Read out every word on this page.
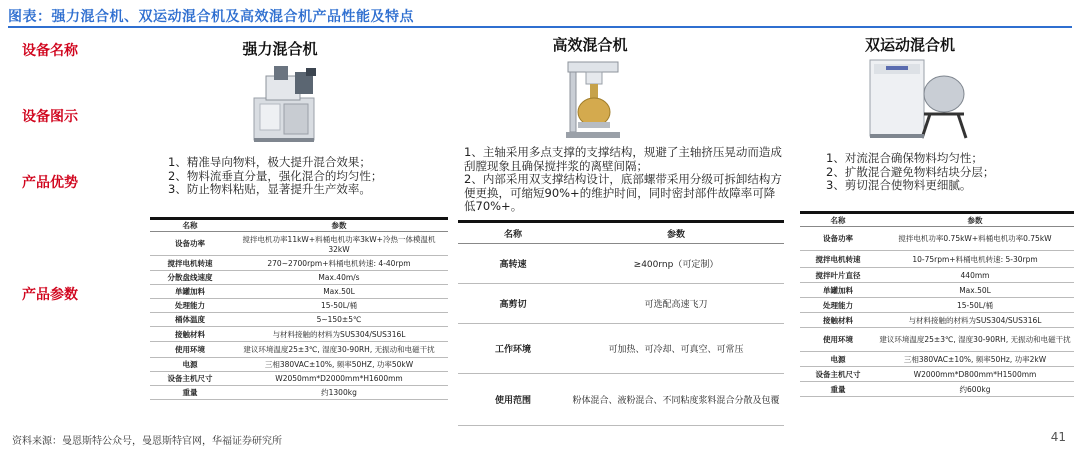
图表：强力混合机、双运动混合机及高效混合机产品性能及特点
设备名称
设备图示
产品优势
产品参数
强力混合机
1、精准导向物料，极大提升混合效果；
2、物料流垂直分量，强化混合的均匀性；
3、防止物料粘贴，显著提升生产效率。
名称	参数
设备功率	搅拌电机功率11kW+料桶电机功率3kW+冷热一体模温机32kW
搅拌电机转速	270~2700rpm+料桶电机转速: 4-40rpm
分散盘线速度	Max.40m/s
单罐加料	Max.50L
处理能力	15-50L/桶
桶体温度	5~150±5℃
接触材料	与材料接触的材料为SUS304/SUS316L
使用环境	建议环境温度25±3℃, 湿度30-90RH, 无振动和电磁干扰
电源	三相380VAC±10%, 频率50HZ, 功率50kW
设备主机尺寸	W2050mm*D2000mm*H1600mm
重量	约1300kg
高效混合机
1、主轴采用多点支撑的支撑结构，规避了主轴挤压晃动而造成刮膛现象且确保搅拌浆的离壁间隔；
2、内部采用双支撑结构设计，底部螺带采用分级可拆卸结构方便更换，可缩短90%+的维护时间，同时密封部件故障率可降低70%+。
名称	参数
高转速	≥400rnp（可定制）
高剪切	可选配高速飞刀
工作环境	可加热、可冷却、可真空、可常压
使用范围	粉体混合、液粉混合、不同粘度浆料混合分散及包覆
双运动混合机
1、对流混合确保物料均匀性；
2、扩散混合避免物料结块分层；
3、剪切混合使物料更细腻。
名称	参数
设备功率	搅拌电机功率0.75kW+料桶电机功率0.75kW
搅拌电机转速	10-75rpm+料桶电机转速: 5-30rpm
搅拌叶片直径	440mm
单罐加料	Max.50L
处理能力	15-50L/桶
接触材料	与材料接触的材料为SUS304/SUS316L
使用环境	建议环境温度25±3℃, 湿度30-90RH, 无振动和电磁干扰
电源	三相380VAC±10%, 频率50Hz, 功率2kW
设备主机尺寸	W2000mm*D800mm*H1500mm
重量	约600kg
资料来源：曼恩斯特公众号，曼恩斯特官网，华福证券研究所	41
